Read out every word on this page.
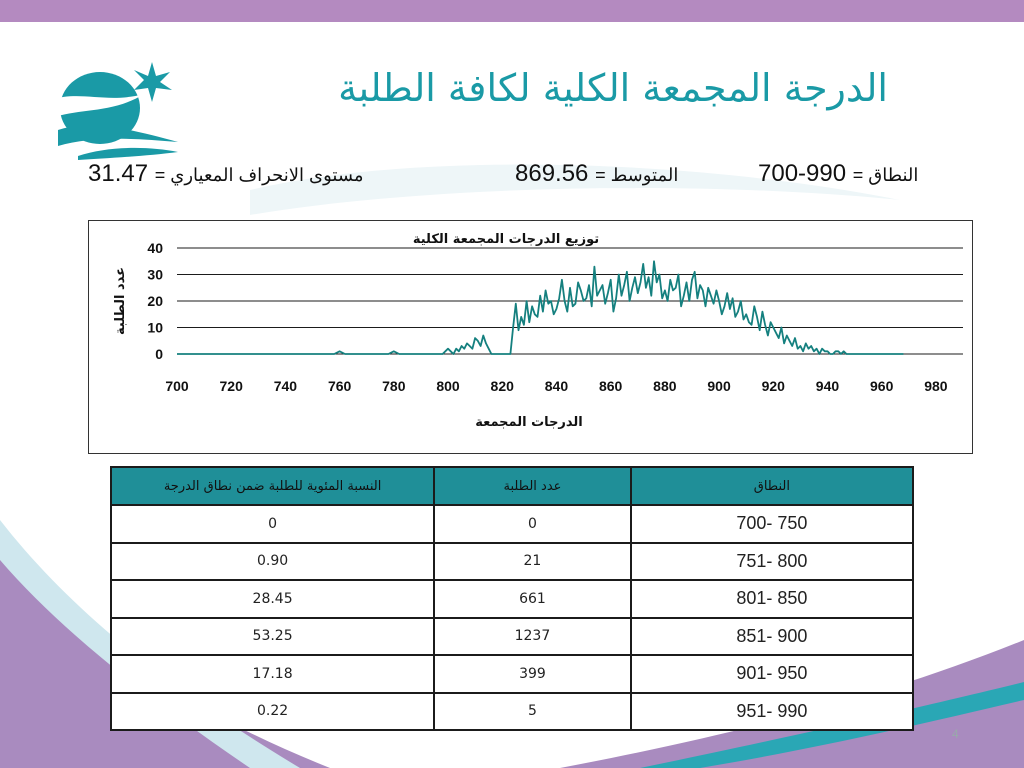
الدرجة المجمعة الكلية لكافة الطلبة
مستوى الانحراف المعياري = 31.47	المتوسط = 869.56	النطاق = 990-700
0
10
20
30
40
700 720 740 760 780 800 820 840 860 880 900 920 940 960 980
توزيع الدرجات المجمعة الكلية
الدرجات المجمعة
عدد الطلبة
النسبة المئوية للطلبة ضمن نطاق الدرجة	عدد الطلبة	النطاق
0	0	700- 750
0.90	21	751- 800
28.45	661	801- 850
53.25	1237	851- 900
17.18	399	901- 950
0.22	5	951- 990
4
